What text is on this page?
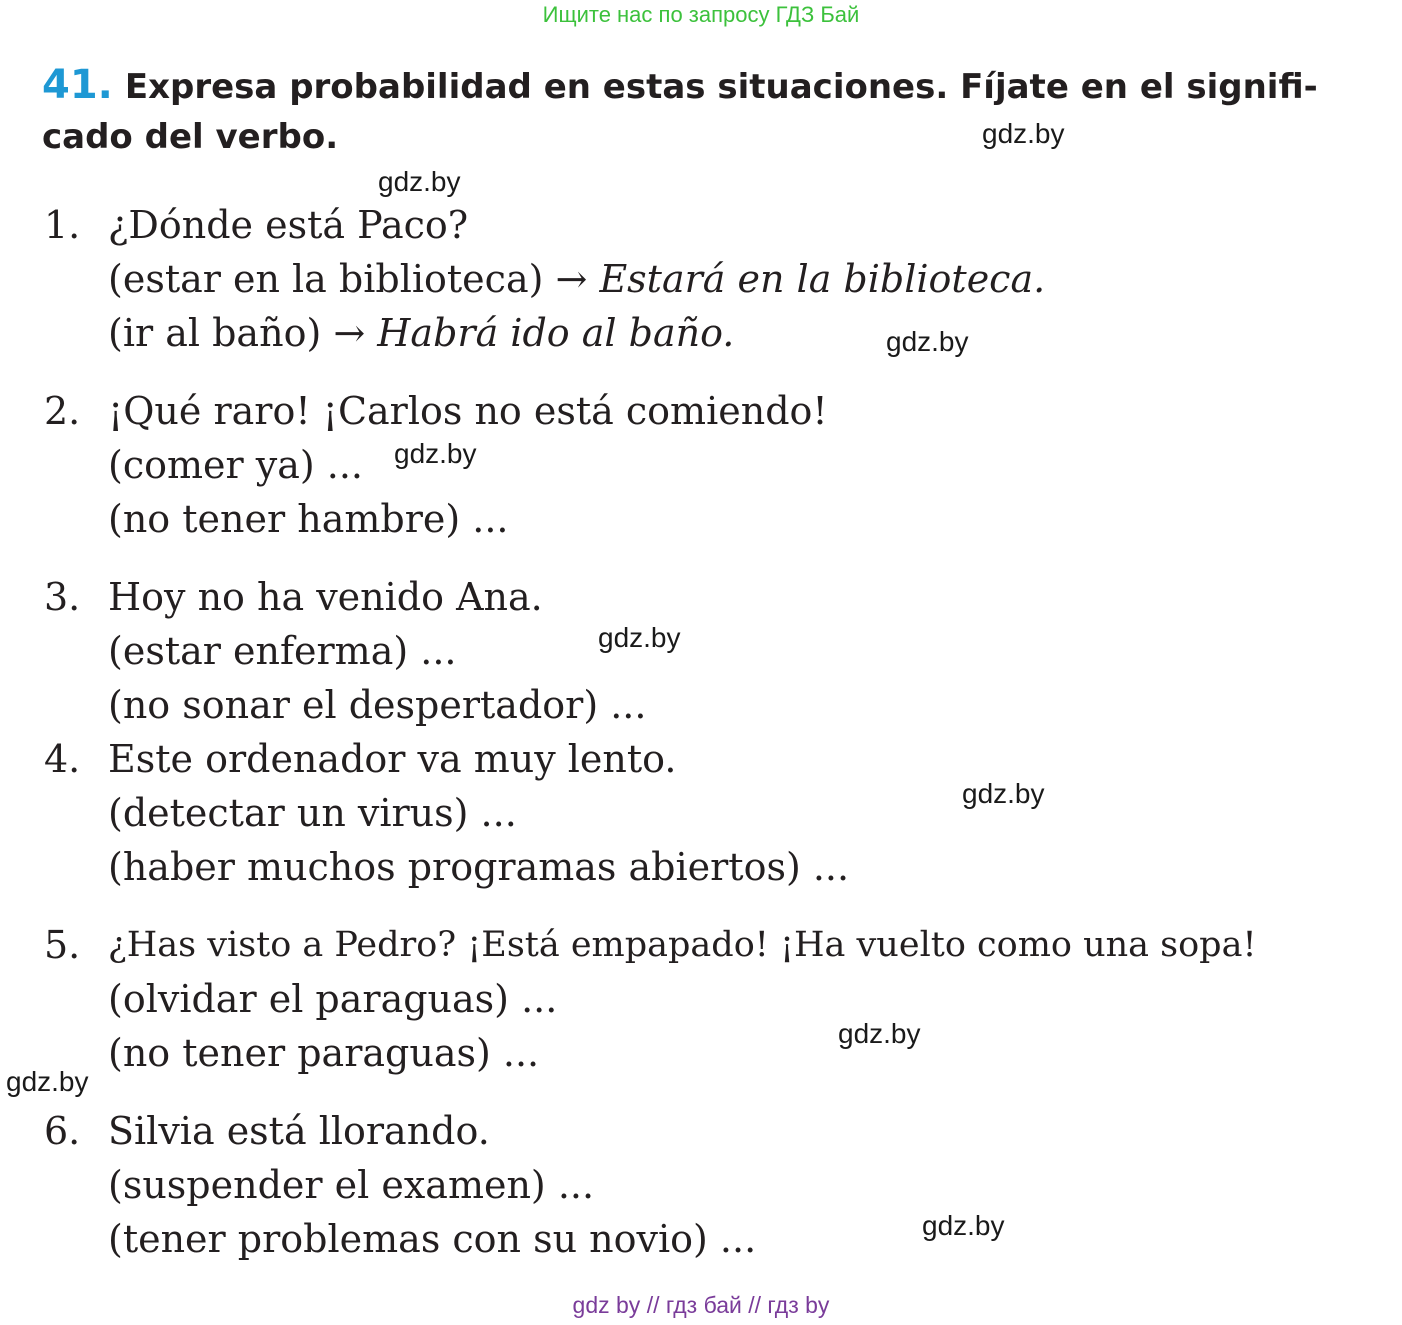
Ищите нас по запросу ГДЗ Бай
41. Expresa probabilidad en estas situaciones. Fíjate en el signifi-cado del verbo.
1. ¿Dónde está Paco?
(estar en la biblioteca) → Estará en la biblioteca.
(ir al baño) → Habrá ido al baño.
2. ¡Qué raro! ¡Carlos no está comiendo!
(comer ya) ...
(no tener hambre) ...
3. Hoy no ha venido Ana.
(estar enferma) ...
(no sonar el despertador) ...
4. Este ordenador va muy lento.
(detectar un virus) ...
(haber muchos programas abiertos) ...
5. ¿Has visto a Pedro? ¡Está empapado! ¡Ha vuelto como una sopa!
(olvidar el paraguas) ...
(no tener paraguas) ...
6. Silvia está llorando.
(suspender el examen) ...
(tener problemas con su novio) ...
gdz.by
gdz.by
gdz.by
gdz.by
gdz.by
gdz.by
gdz.by
gdz.by
gdz.by
gdz by // гдз бай // гдз by
